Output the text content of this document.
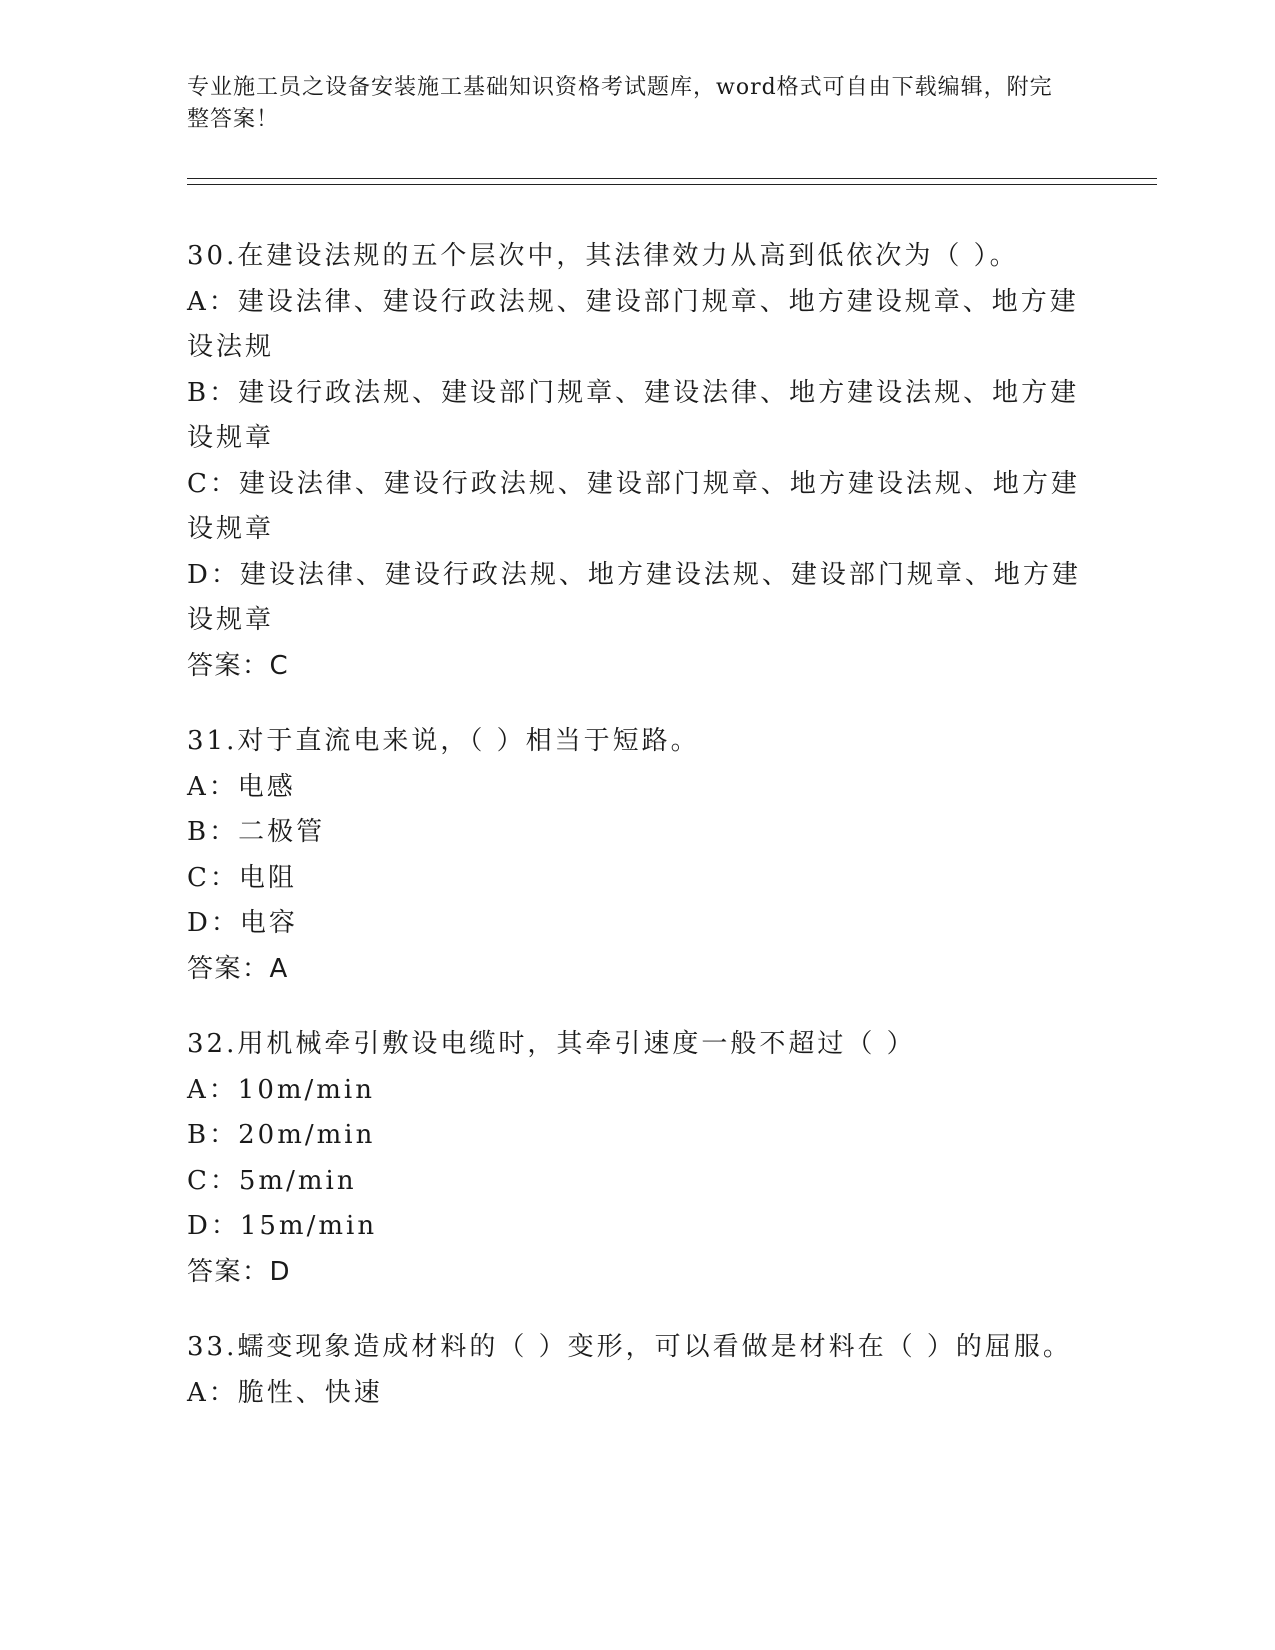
专业施工员之设备安装施工基础知识资格考试题库，word格式可自由下载编辑，附完整答案！

30.在建设法规的五个层次中，其法律效力从高到低依次为（ ）。

A：建设法律、建设行政法规、建设部门规章、地方建设规章、地方建设法规

B：建设行政法规、建设部门规章、建设法律、地方建设法规、地方建设规章

C：建设法律、建设行政法规、建设部门规章、地方建设法规、地方建设规章

D：建设法律、建设行政法规、地方建设法规、建设部门规章、地方建设规章

答案：C

31.对于直流电来说，（ ）相当于短路。

A：电感

B：二极管

C：电阻

D：电容

答案：A

32.用机械牵引敷设电缆时，其牵引速度一般不超过（ ）

A：10m/min

B：20m/min

C：5m/min

D：15m/min

答案：D

33.蠕变现象造成材料的（ ）变形，可以看做是材料在（ ）的屈服。

A：脆性、快速
